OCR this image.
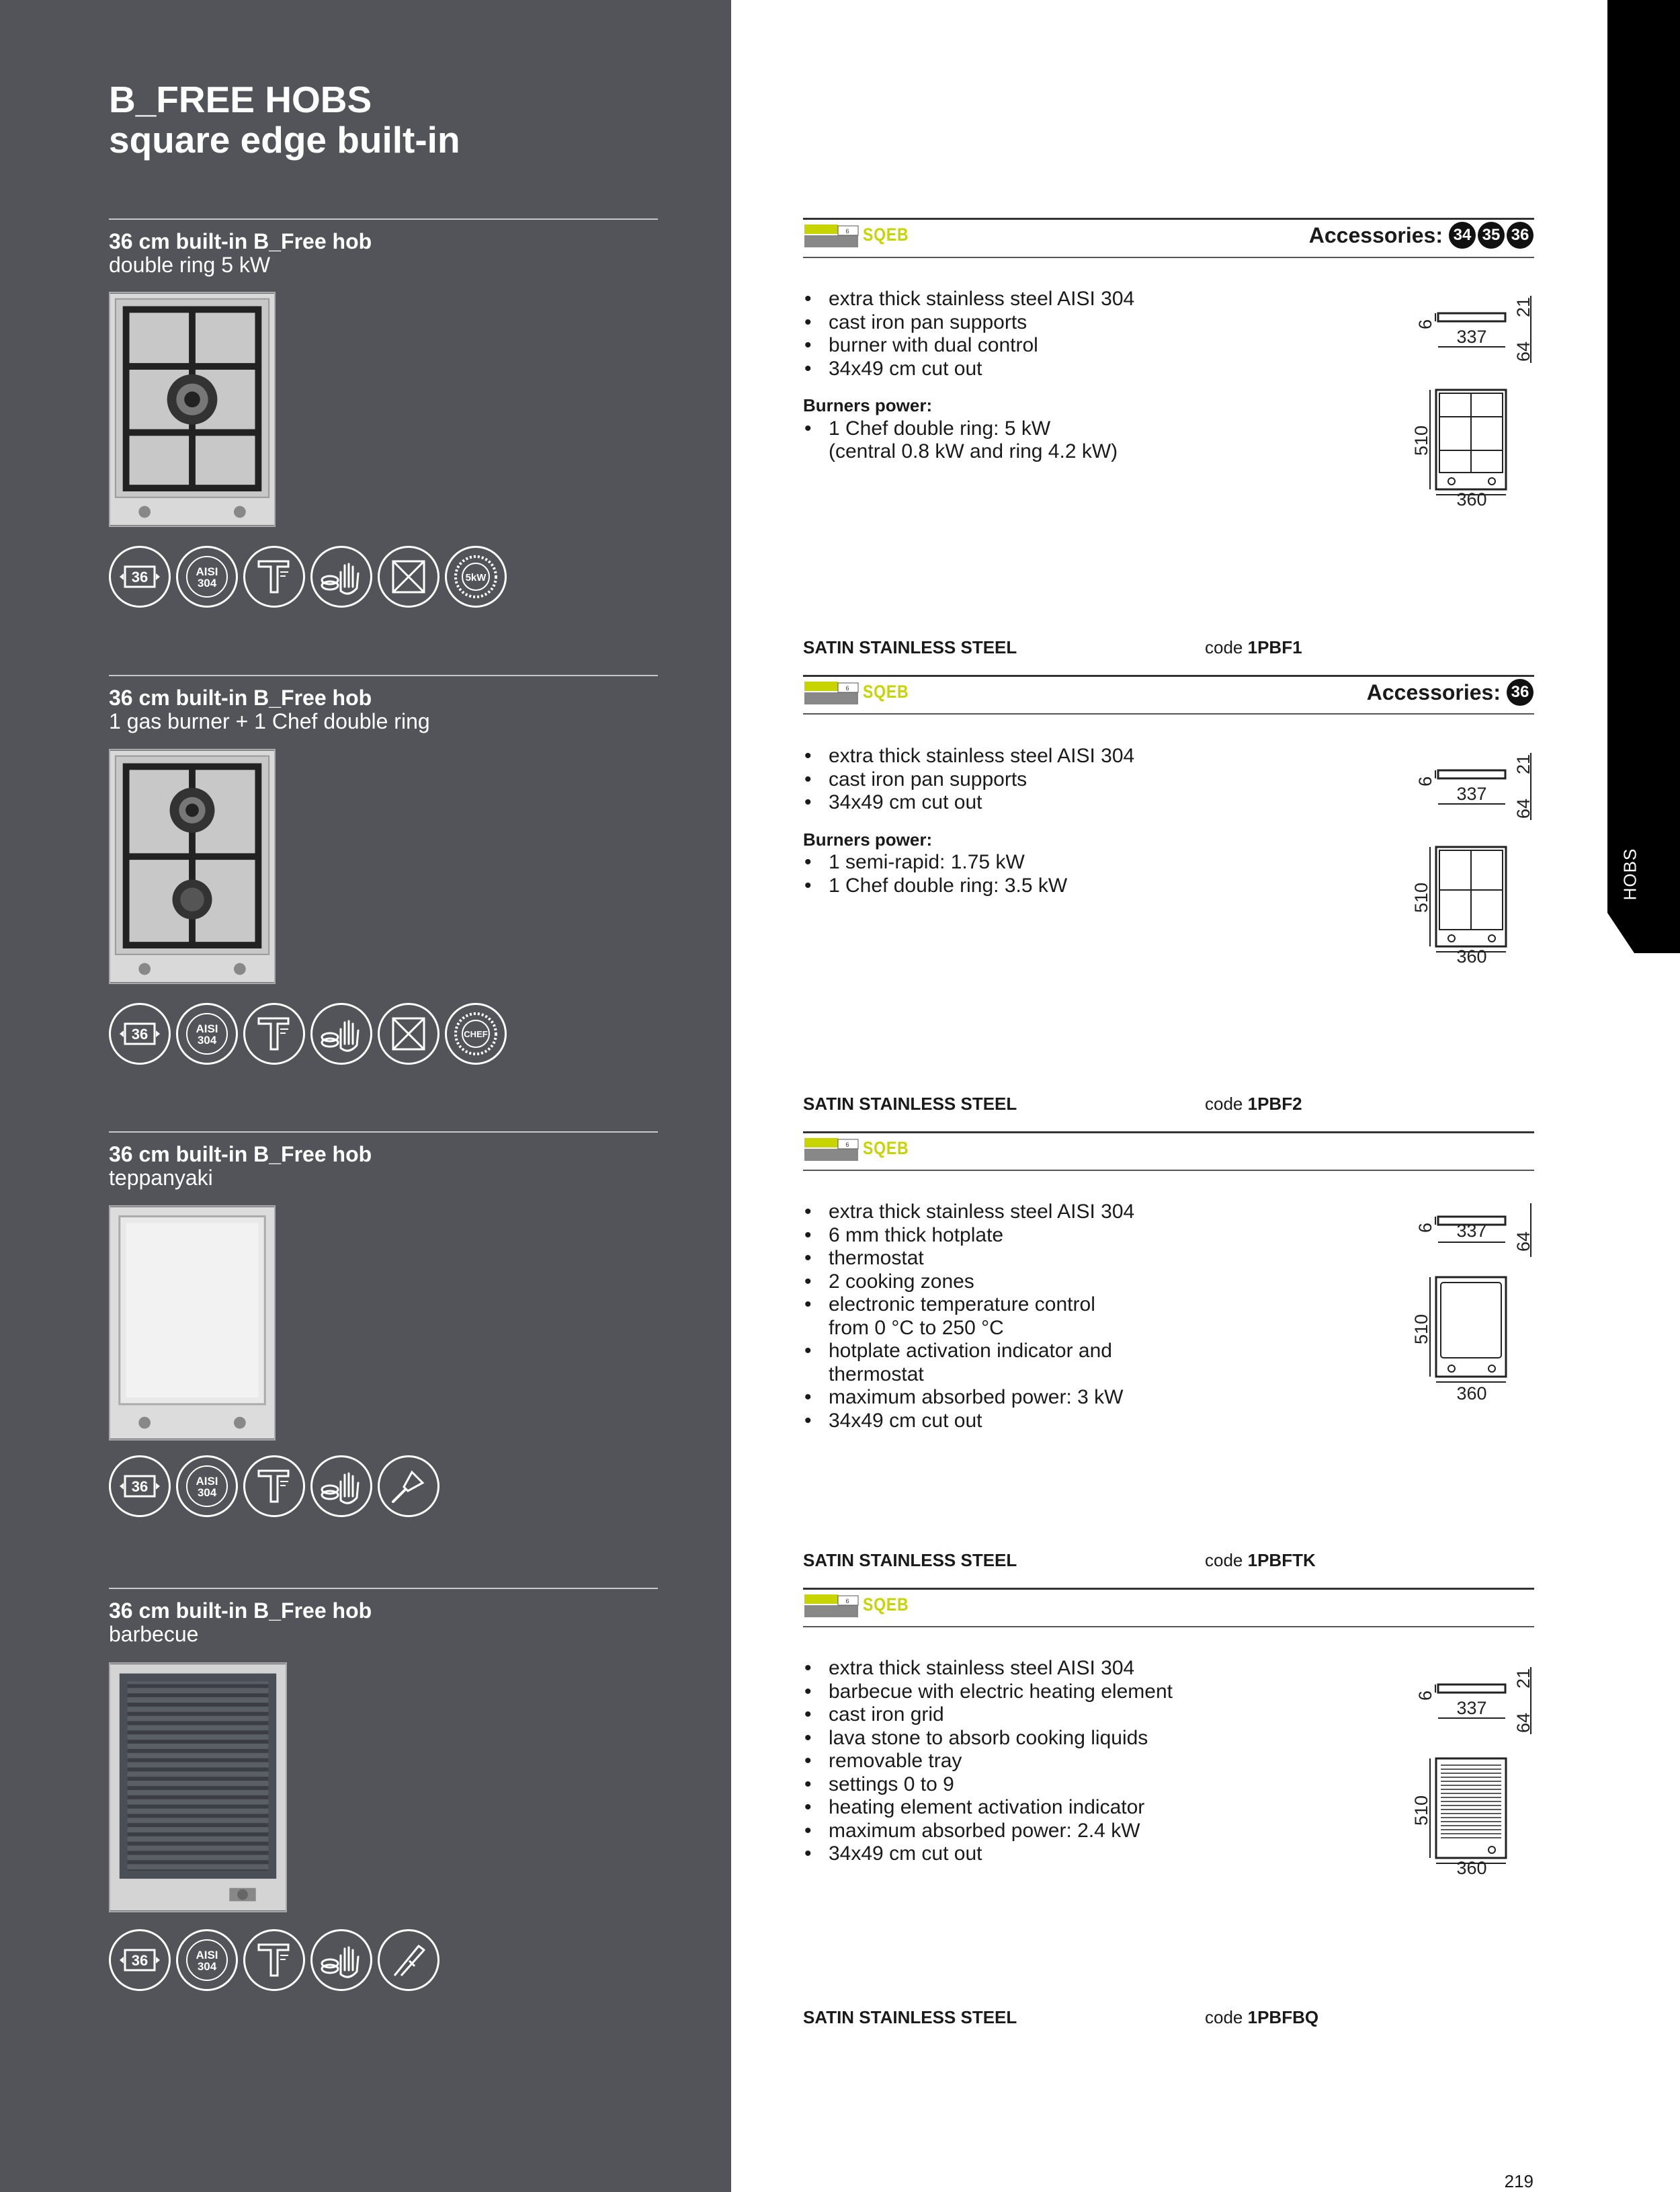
B_FREE HOBS
square edge built-in
HOBS
36 cm built-in B_Free hob
double ring 5 kW
36	AISI
304	5kW
6 SQEB	Accessories: 34 35 36
• extra thick stainless steel AISI 304
• cast iron pan supports
• burner with dual control
• 34x49 cm cut out
Burners power:
• 1 Chef double ring: 5 kW
(central 0.8 kW and ring 4.2 kW)
6
21
64
337
510
360
SATIN STAINLESS STEEL	code 1PBF1
36 cm built-in B_Free hob
1 gas burner + 1 Chef double ring
36	AISI
304	CHEF
6 SQEB	Accessories: 36
• extra thick stainless steel AISI 304
• cast iron pan supports
• 34x49 cm cut out
Burners power:
• 1 semi-rapid: 1.75 kW
• 1 Chef double ring: 3.5 kW
6
21
64
337
510
360
SATIN STAINLESS STEEL	code 1PBF2
36 cm built-in B_Free hob
teppanyaki
36	AISI
304
6 SQEB
• extra thick stainless steel AISI 304
• 6 mm thick hotplate
• thermostat
• 2 cooking zones
• electronic temperature control
from 0 °C to 250 °C
• hotplate activation indicator and
thermostat
• maximum absorbed power: 3 kW
• 34x49 cm cut out
6
64
337
510
360
SATIN STAINLESS STEEL	code 1PBFTK
36 cm built-in B_Free hob
barbecue
36	AISI
304
6 SQEB
• extra thick stainless steel AISI 304
• barbecue with electric heating element
• cast iron grid
• lava stone to absorb cooking liquids
• removable tray
• settings 0 to 9
• heating element activation indicator
• maximum absorbed power: 2.4 kW
• 34x49 cm cut out
6
21
64
337
510
360
SATIN STAINLESS STEEL	code 1PBFBQ
219
